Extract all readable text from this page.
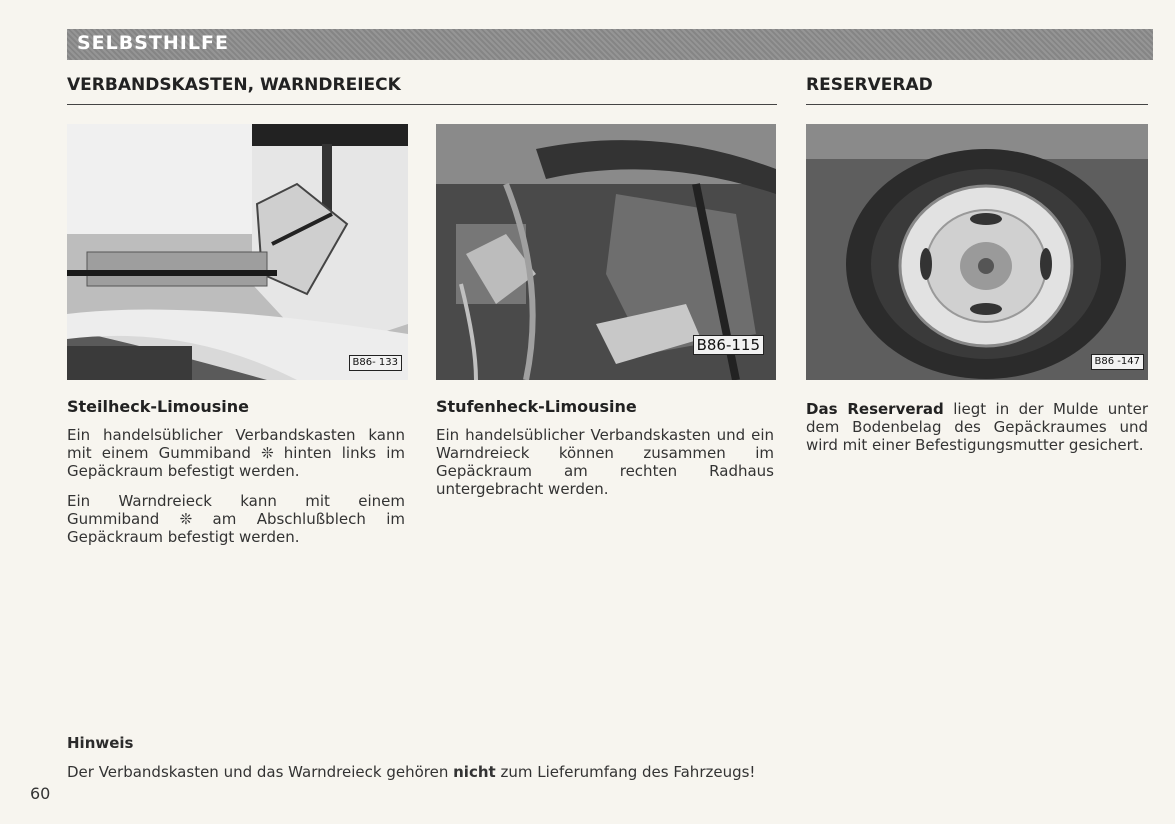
SELBSTHILFE
VERBANDSKASTEN, WARNDREIECK	RESERVERAD
B86- 133
B86-115
B86 -147
Steilheck-Limousine

Ein handelsüblicher Verbandskasten kann mit einem Gummiband ❊ hinten links im Gepäckraum befestigt werden.

Ein Warndreieck kann mit einem Gummiband ❊ am Abschlußblech im Gepäckraum befestigt werden.

Stufenheck-Limousine

Ein handelsüblicher Verbandskasten und ein Warndreieck können zusammen im Gepäckraum am rechten Radhaus untergebracht werden.

Das Reserverad liegt in der Mulde unter dem Bodenbelag des Gepäckraumes und wird mit einer Befestigungsmutter gesichert.

Hinweis

Der Verbandskasten und das Warndreieck gehören nicht zum Lieferumfang des Fahrzeugs!

60
